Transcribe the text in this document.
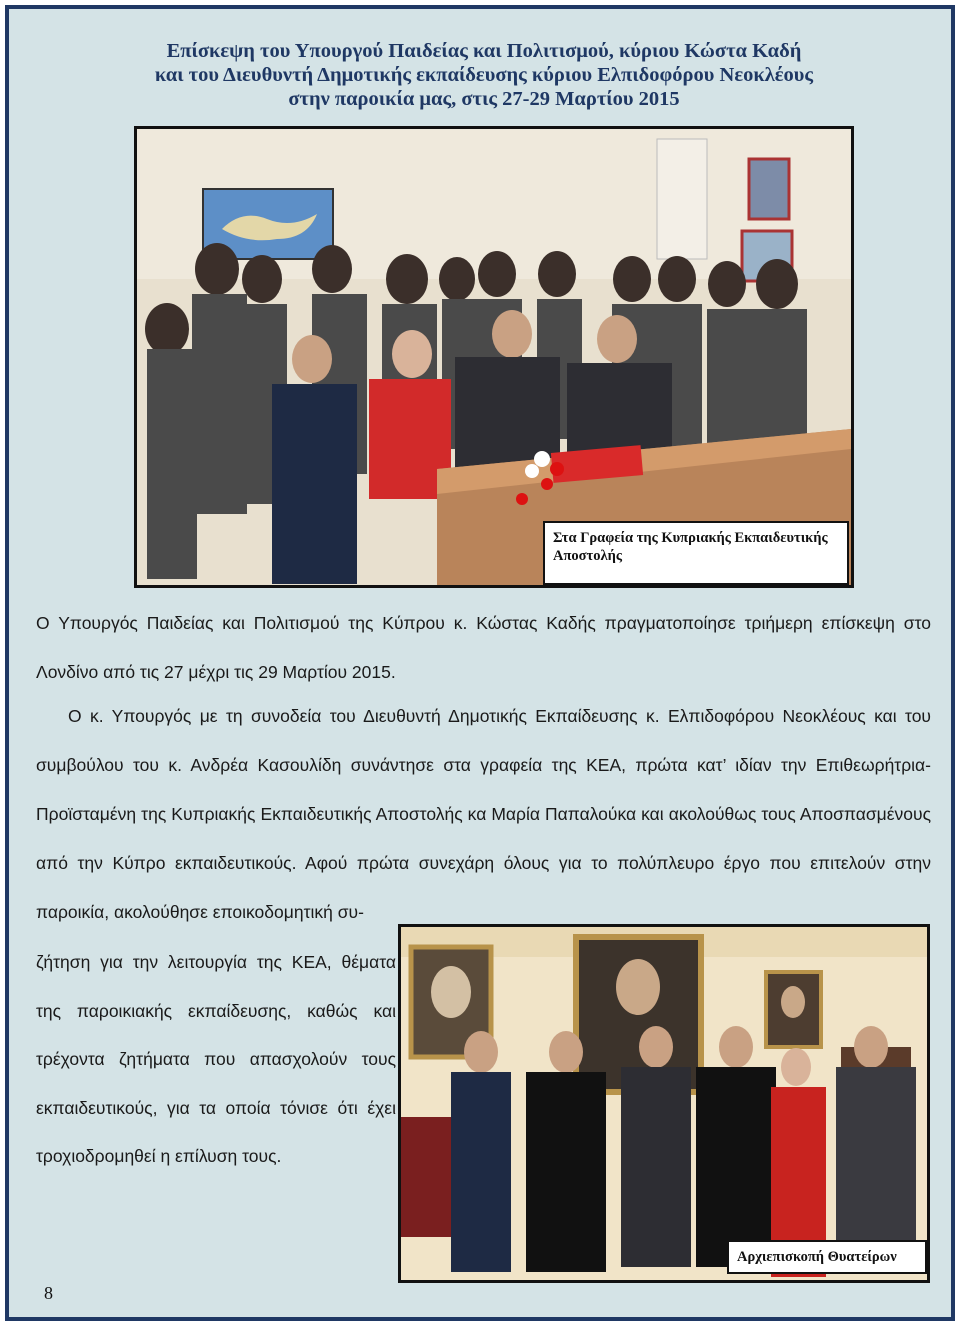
Επίσκεψη του Υπουργού Παιδείας και Πολιτισμού, κύριου Κώστα Καδή
και του Διευθυντή Δημοτικής εκπαίδευσης κύριου Ελπιδοφόρου Νεοκλέους
στην παροικία μας, στις 27-29 Μαρτίου 2015
Στα Γραφεία της Κυπριακής Εκπαιδευτικής Αποστολής
Ο Υπουργός Παιδείας και Πολιτισμού της Κύπρου κ. Κώστας Καδής πραγματοποίησε τριήμερη επίσκεψη στο Λονδίνο από τις 27 μέχρι τις 29 Μαρτίου 2015.
Ο κ. Υπουργός με τη συνοδεία του Διευθυντή Δημοτικής Εκπαίδευσης κ. Ελπιδοφόρου Νεοκλέους και του συμβούλου του κ. Ανδρέα Κασουλίδη συνάντησε στα γραφεία της ΚΕΑ, πρώτα κατ’ ιδίαν την Επιθεωρήτρια-Προϊσταμένη της Κυπριακής Εκπαιδευτικής Αποστολής κα Μαρία Παπαλούκα και ακολούθως τους Αποσπασμένους από την Κύπρο εκπαιδευτικούς. Αφού πρώτα συνεχάρη όλους για το πολύπλευρο έργο που επιτελούν στην παροικία, ακολούθησε εποικοδομητική συ-
ζήτηση για την λειτουργία της ΚΕΑ, θέματα της παροικιακής εκπαίδευσης, καθώς και τρέχοντα ζητήματα που απασχολούν τους εκπαιδευτικούς, για τα οποία τόνισε ότι έχει τροχιοδρομηθεί η επίλυση τους.
Αρχιεπισκοπή Θυατείρων
8
